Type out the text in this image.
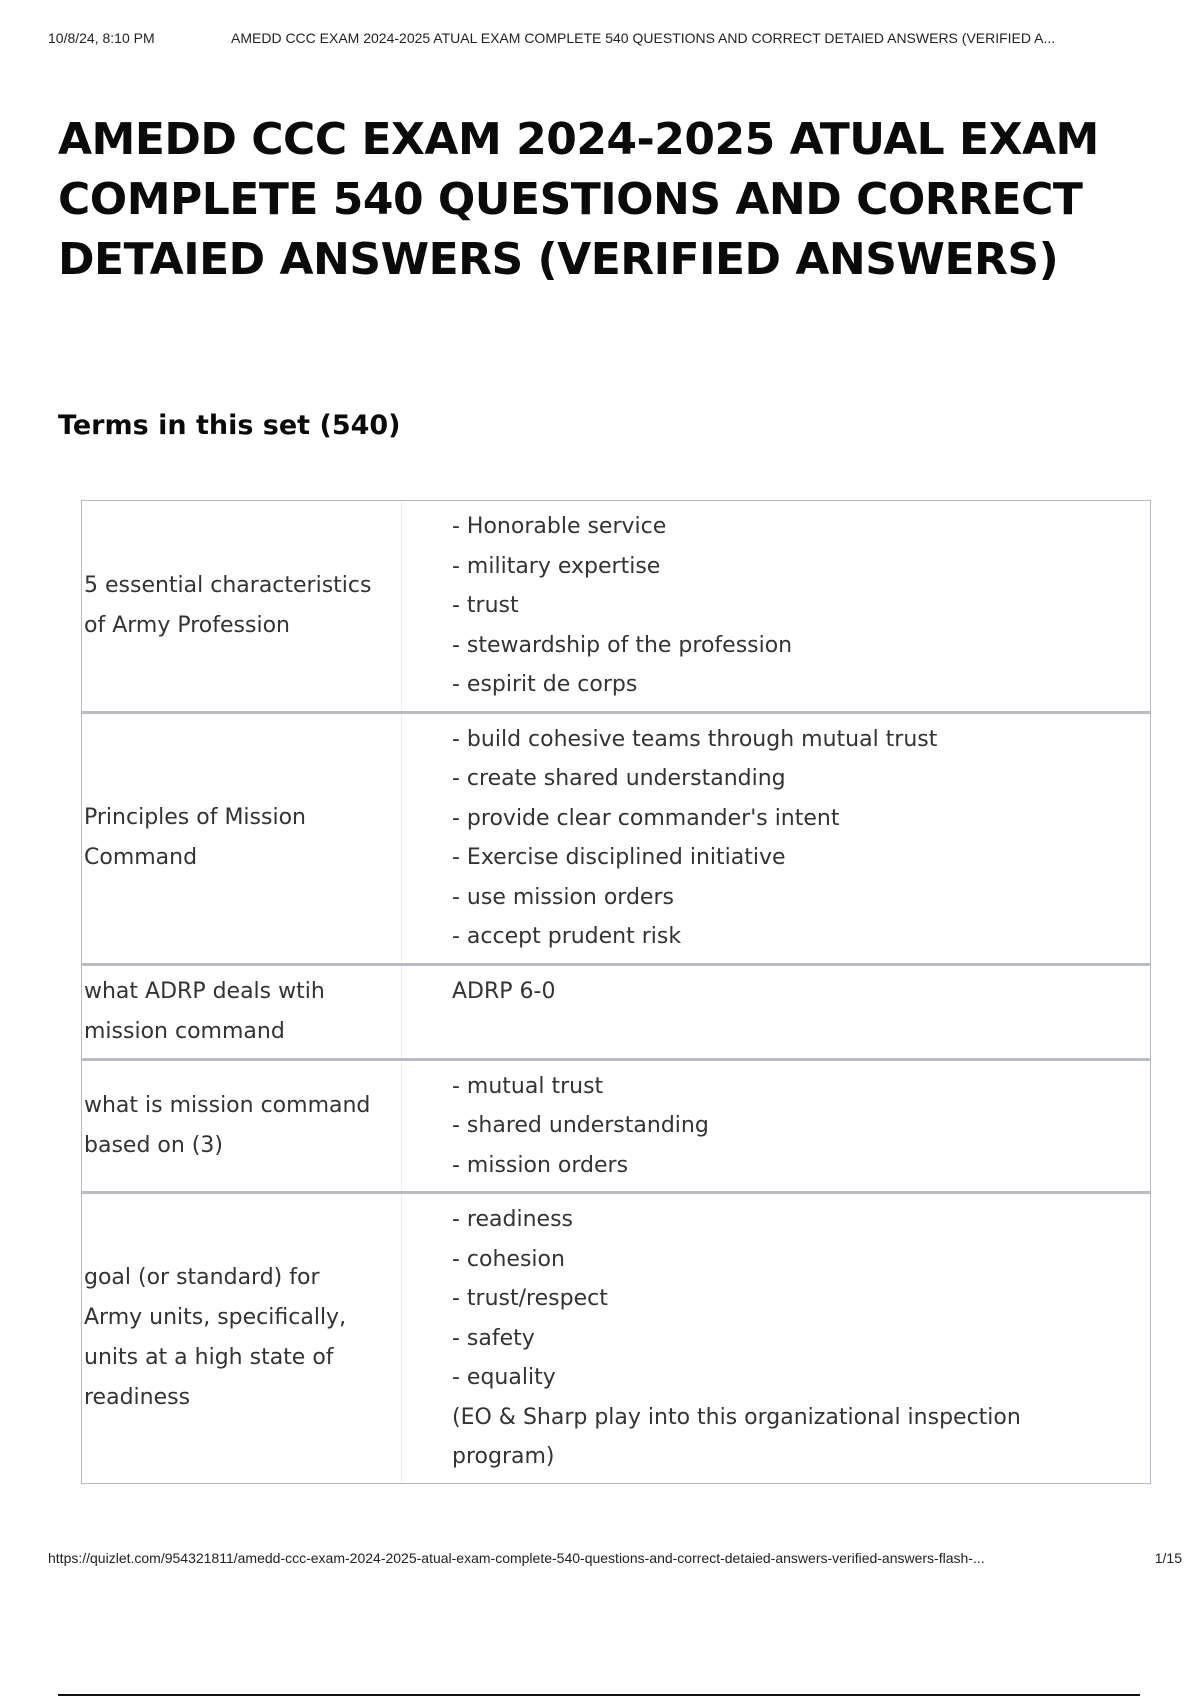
10/8/24, 8:10 PM	AMEDD CCC EXAM 2024-2025 ATUAL EXAM COMPLETE 540 QUESTIONS AND CORRECT DETAIED ANSWERS (VERIFIED A...
AMEDD CCC EXAM 2024-2025 ATUAL EXAM COMPLETE 540 QUESTIONS AND CORRECT DETAIED ANSWERS (VERIFIED ANSWERS)
Terms in this set (540)
5 essential characteristics of Army Profession
- Honorable service
- military expertise
- trust
- stewardship of the profession
- espirit de corps
Principles of Mission Command
- build cohesive teams through mutual trust
- create shared understanding
- provide clear commander's intent
- Exercise disciplined initiative
- use mission orders
- accept prudent risk
what ADRP deals wtih mission command
ADRP 6-0
what is mission command based on (3)
- mutual trust
- shared understanding
- mission orders
goal (or standard) for Army units, specifically, units at a high state of readiness
- readiness
- cohesion
- trust/respect
- safety
- equality
(EO & Sharp play into this organizational inspection program)
https://quizlet.com/954321811/amedd-ccc-exam-2024-2025-atual-exam-complete-540-questions-and-correct-detaied-answers-verified-answers-flash-...	1/15
